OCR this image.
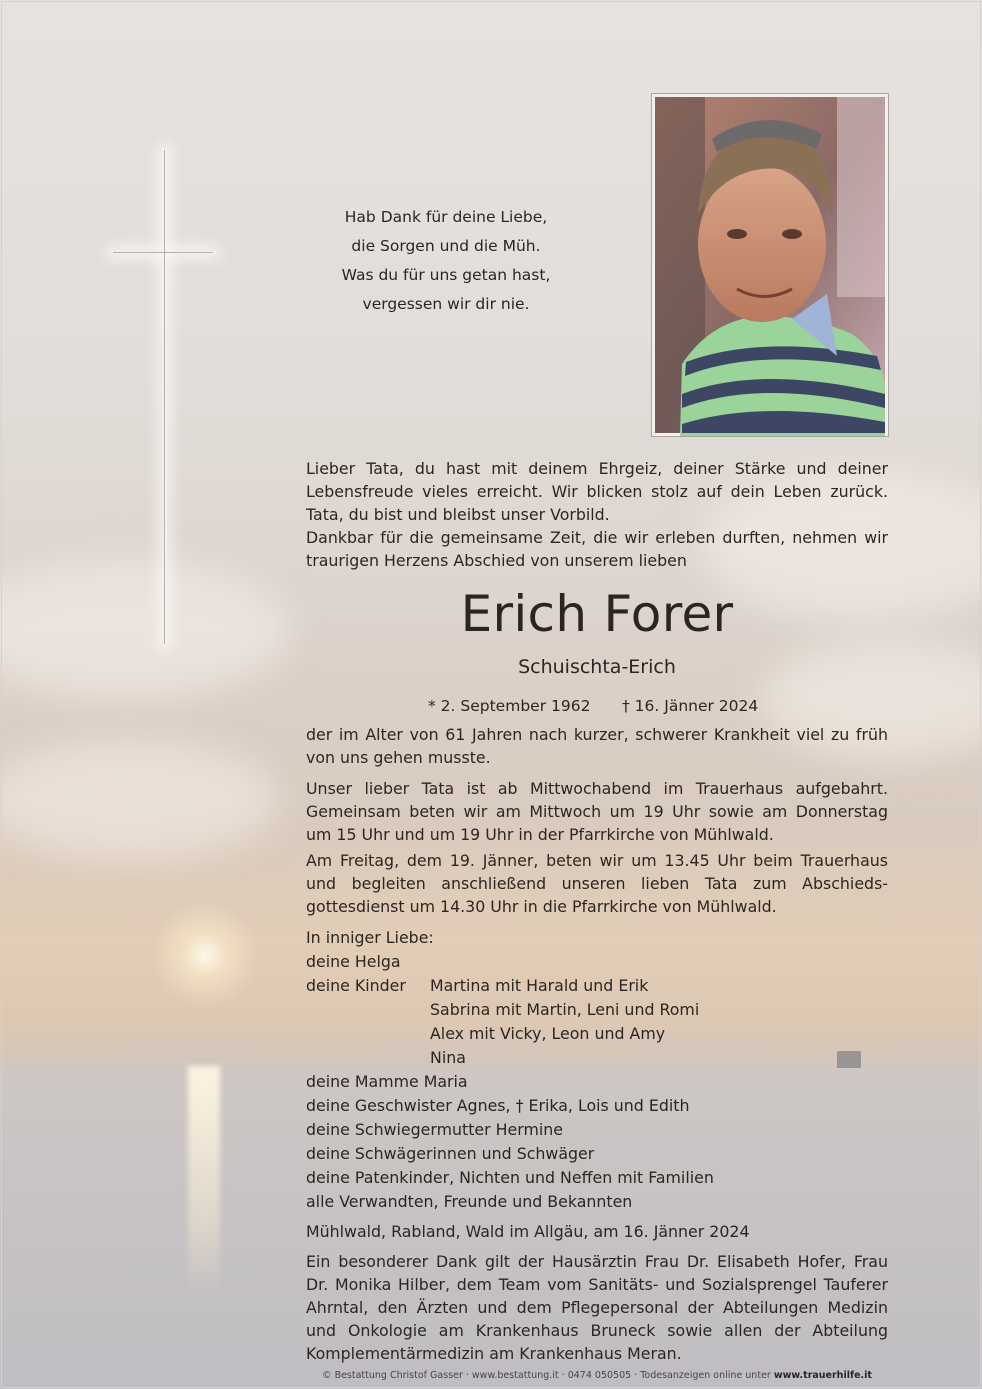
Hab Dank für deine Liebe,
die Sorgen und die Müh.
Was du für uns getan hast,
vergessen wir dir nie.
Lieber Tata, du hast mit deinem Ehrgeiz, deiner Stärke und deiner
Lebensfreude vieles erreicht. Wir blicken stolz auf dein Leben zurück.
Tata, du bist und bleibst unser Vorbild.
Dankbar für die gemeinsame Zeit, die wir erleben durften, nehmen wir
traurigen Herzens Abschied von unserem lieben
Erich Forer
Schuischta-Erich
* 2. September 1962 † 16. Jänner 2024
der im Alter von 61 Jahren nach kurzer, schwerer Krankheit viel zu früh
von uns gehen musste.
Unser lieber Tata ist ab Mittwochabend im Trauerhaus aufgebahrt.
Gemeinsam beten wir am Mittwoch um 19 Uhr sowie am Donnerstag
um 15 Uhr und um 19 Uhr in der Pfarrkirche von Mühlwald.
Am Freitag, dem 19. Jänner, beten wir um 13.45 Uhr beim Trauerhaus
und begleiten anschließend unseren lieben Tata zum Abschieds-
gottesdienst um 14.30 Uhr in die Pfarrkirche von Mühlwald.
In inniger Liebe:
deine Helga
deine Kinder Martina mit Harald und Erik
Sabrina mit Martin, Leni und Romi
Alex mit Vicky, Leon und Amy
Nina
deine Mamme Maria
deine Geschwister Agnes, † Erika, Lois und Edith
deine Schwiegermutter Hermine
deine Schwägerinnen und Schwäger
deine Patenkinder, Nichten und Neffen mit Familien
alle Verwandten, Freunde und Bekannten
Mühlwald, Rabland, Wald im Allgäu, am 16. Jänner 2024
Ein besonderer Dank gilt der Hausärztin Frau Dr. Elisabeth Hofer, Frau
Dr. Monika Hilber, dem Team vom Sanitäts- und Sozialsprengel Tauferer
Ahrntal, den Ärzten und dem Pflegepersonal der Abteilungen Medizin
und Onkologie am Krankenhaus Bruneck sowie allen der Abteilung
Komplementärmedizin am Krankenhaus Meran.
© Bestattung Christof Gasser · www.bestattung.it · 0474 050505 · Todesanzeigen online unter www.trauerhilfe.it
